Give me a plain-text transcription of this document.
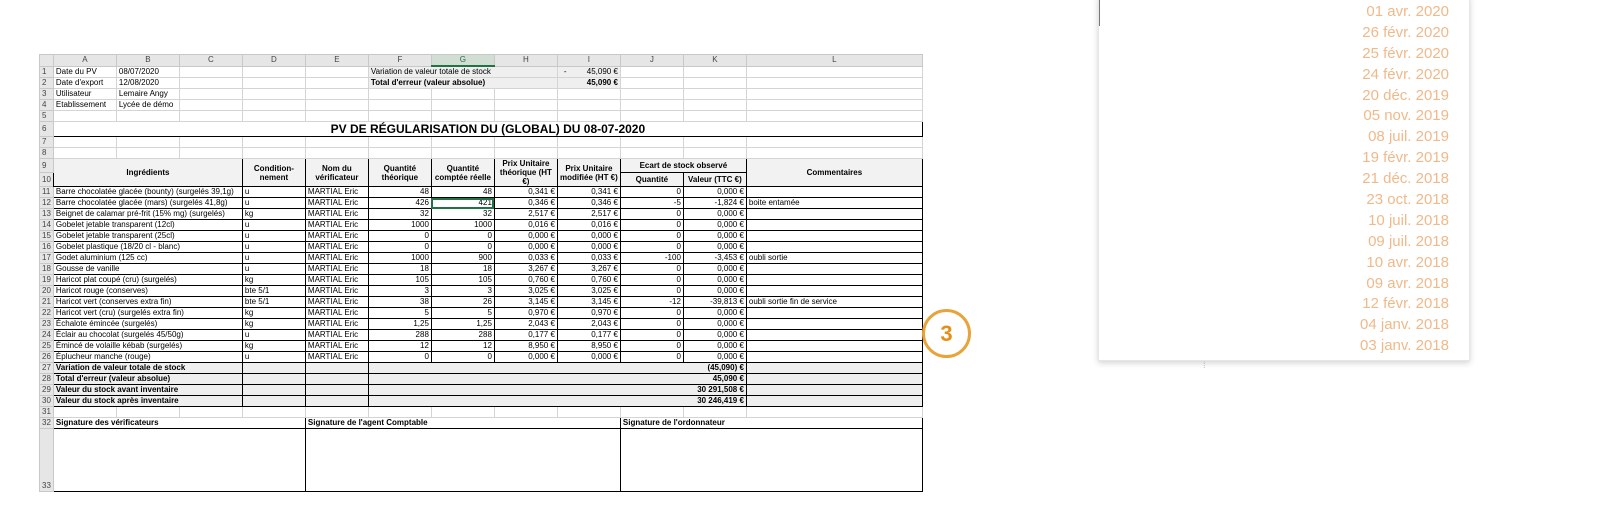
	A	B	C	D	E	F	G	H	I	J	K	L
1	Date du PV	08/07/2020				Variation de valeur totale de stock			- 45,090 €			
2	Date d'export	12/08/2020				Total d'erreur (valeur absolue)			45,090 €			
3	Utilisateur	Lemaire Angy										
4	Etablissement	Lycée de démo										
5												
6	PV DE RÉGULARISATION DU (GLOBAL) DU 08-07-2020											
7												
8												
9	Ingrédients			Condition-nement	Nom du vérificateur	Quantité théorique	Quantité comptée réelle	Prix Unitaire théorique (HT €)	Prix Unitaire modifiée (HT €)	Ecart de stock observé		Commentaires
10										Quantité	Valeur (TTC €)	
11	Barre chocolatée glacée (bounty) (surgelés 39,1g)			u	MARTIAL Eric	48	48	0,341 €	0,341 €	0	0,000 €	
12	Barre chocolatée glacée (mars) (surgelés 41,8g)			u	MARTIAL Eric	426	421	0,346 €	0,346 €	-5	-1,824 €	boite entamée
13	Beignet de calamar pré-frit (15% mg) (surgelés)			kg	MARTIAL Eric	32	32	2,517 €	2,517 €	0	0,000 €	
14	Gobelet jetable transparent (12cl)			u	MARTIAL Eric	1000	1000	0,016 €	0,016 €	0	0,000 €	
15	Gobelet jetable transparent (25cl)			u	MARTIAL Eric	0	0	0,000 €	0,000 €	0	0,000 €	
16	Gobelet plastique (18/20 cl - blanc)			u	MARTIAL Eric	0	0	0,000 €	0,000 €	0	0,000 €	
17	Godet aluminium (125 cc)			u	MARTIAL Eric	1000	900	0,033 €	0,033 €	-100	-3,453 €	oubli sortie
18	Gousse de vanille			u	MARTIAL Eric	18	18	3,267 €	3,267 €	0	0,000 €	
19	Haricot plat coupé (cru) (surgelés)			kg	MARTIAL Eric	105	105	0,760 €	0,760 €	0	0,000 €	
20	Haricot rouge (conserves)			bte 5/1	MARTIAL Eric	3	3	3,025 €	3,025 €	0	0,000 €	
21	Haricot vert (conserves extra fin)			bte 5/1	MARTIAL Eric	38	26	3,145 €	3,145 €	-12	-39,813 €	oubli sortie fin de service
22	Haricot vert (cru) (surgelés extra fin)			kg	MARTIAL Eric	5	5	0,970 €	0,970 €	0	0,000 €	
23	Échalote émincée (surgelés)			kg	MARTIAL Eric	1,25	1,25	2,043 €	2,043 €	0	0,000 €	
24	Éclair au chocolat (surgelés 45/50g)			u	MARTIAL Eric	288	288	0,177 €	0,177 €	0	0,000 €	
25	Émincé de volaille kébab (surgelés)			kg	MARTIAL Eric	12	12	8,950 €	8,950 €	0	0,000 €	
26	Éplucheur manche (rouge)			u	MARTIAL Eric	0	0	0,000 €	0,000 €	0	0,000 €	
27	Variation de valeur totale de stock					(45,090) €						
28	Total d'erreur (valeur absolue)					45,090 €						
29	Valeur du stock avant inventaire					30 291,508 €						
30	Valeur du stock après inventaire					30 246,419 €						
31												
32	Signature des vérificateurs				Signature de l'agent Comptable					Signature de l'ordonnateur		
33												
3
01 avr. 2020
26 févr. 2020
25 févr. 2020
24 févr. 2020
20 déc. 2019
05 nov. 2019
08 juil. 2019
19 févr. 2019
21 déc. 2018
23 oct. 2018
10 juil. 2018
09 juil. 2018
10 avr. 2018
09 avr. 2018
12 févr. 2018
04 janv. 2018
03 janv. 2018
⁞
